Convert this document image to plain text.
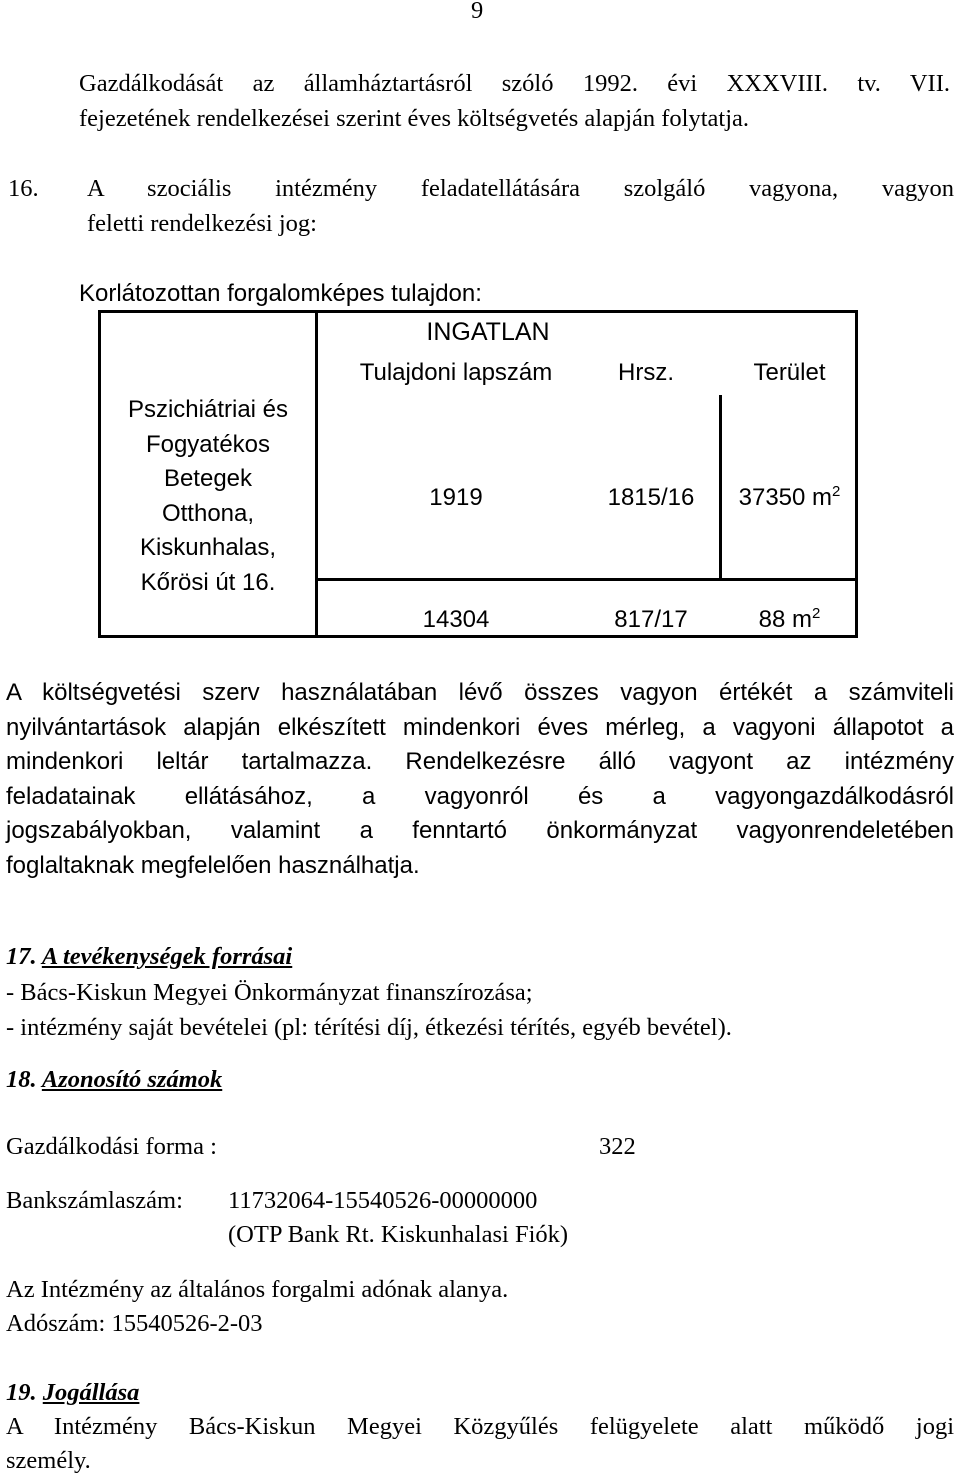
9
Gazdálkodását az államháztartásról szóló 1992. évi XXXVIII. tv. VII.
fejezetének rendelkezései szerint éves költségvetés alapján folytatja.
16. A szociális intézmény feladatellátására szolgáló vagyona, vagyon
feletti rendelkezési jog:
Korlátozottan forgalomképes tulajdon:
INGATLAN
Tulajdoni lapszám	Hrsz.	Terület
Pszichiátriai és
Fogyatékos
Betegek
Otthona,
Kiskunhalas,
Kőrösi út 16.
1919	1815/16	37350 $m^2$
14304	817/17	88 $m^2$
A költségvetési szerv használatában lévő összes vagyon értékét a számviteli
nyilvántartások alapján elkészített mindenkori éves mérleg, a vagyoni állapotot a
mindenkori leltár tartalmazza. Rendelkezésre álló vagyont az intézmény
feladatainak ellátásához, a vagyonról és a vagyongazdálkodásról
jogszabályokban, valamint a fenntartó önkormányzat vagyonrendeletében
foglaltaknak megfelelően használhatja.
17. A tevékenységek forrásai
- Bács-Kiskun Megyei Önkormányzat finanszírozása;
- intézmény saját bevételei (pl: térítési díj, étkezési térítés, egyéb bevétel).
18. Azonosító számok
Gazdálkodási forma :	322
Bankszámlaszám: 11732064-15540526-00000000
(OTP Bank Rt. Kiskunhalasi Fiók)
Az Intézmény az általános forgalmi adónak alanya.
Adószám: 15540526-2-03
19. Jogállása
A Intézmény Bács-Kiskun Megyei Közgyűlés felügyelete alatt működő jogi
személy.
